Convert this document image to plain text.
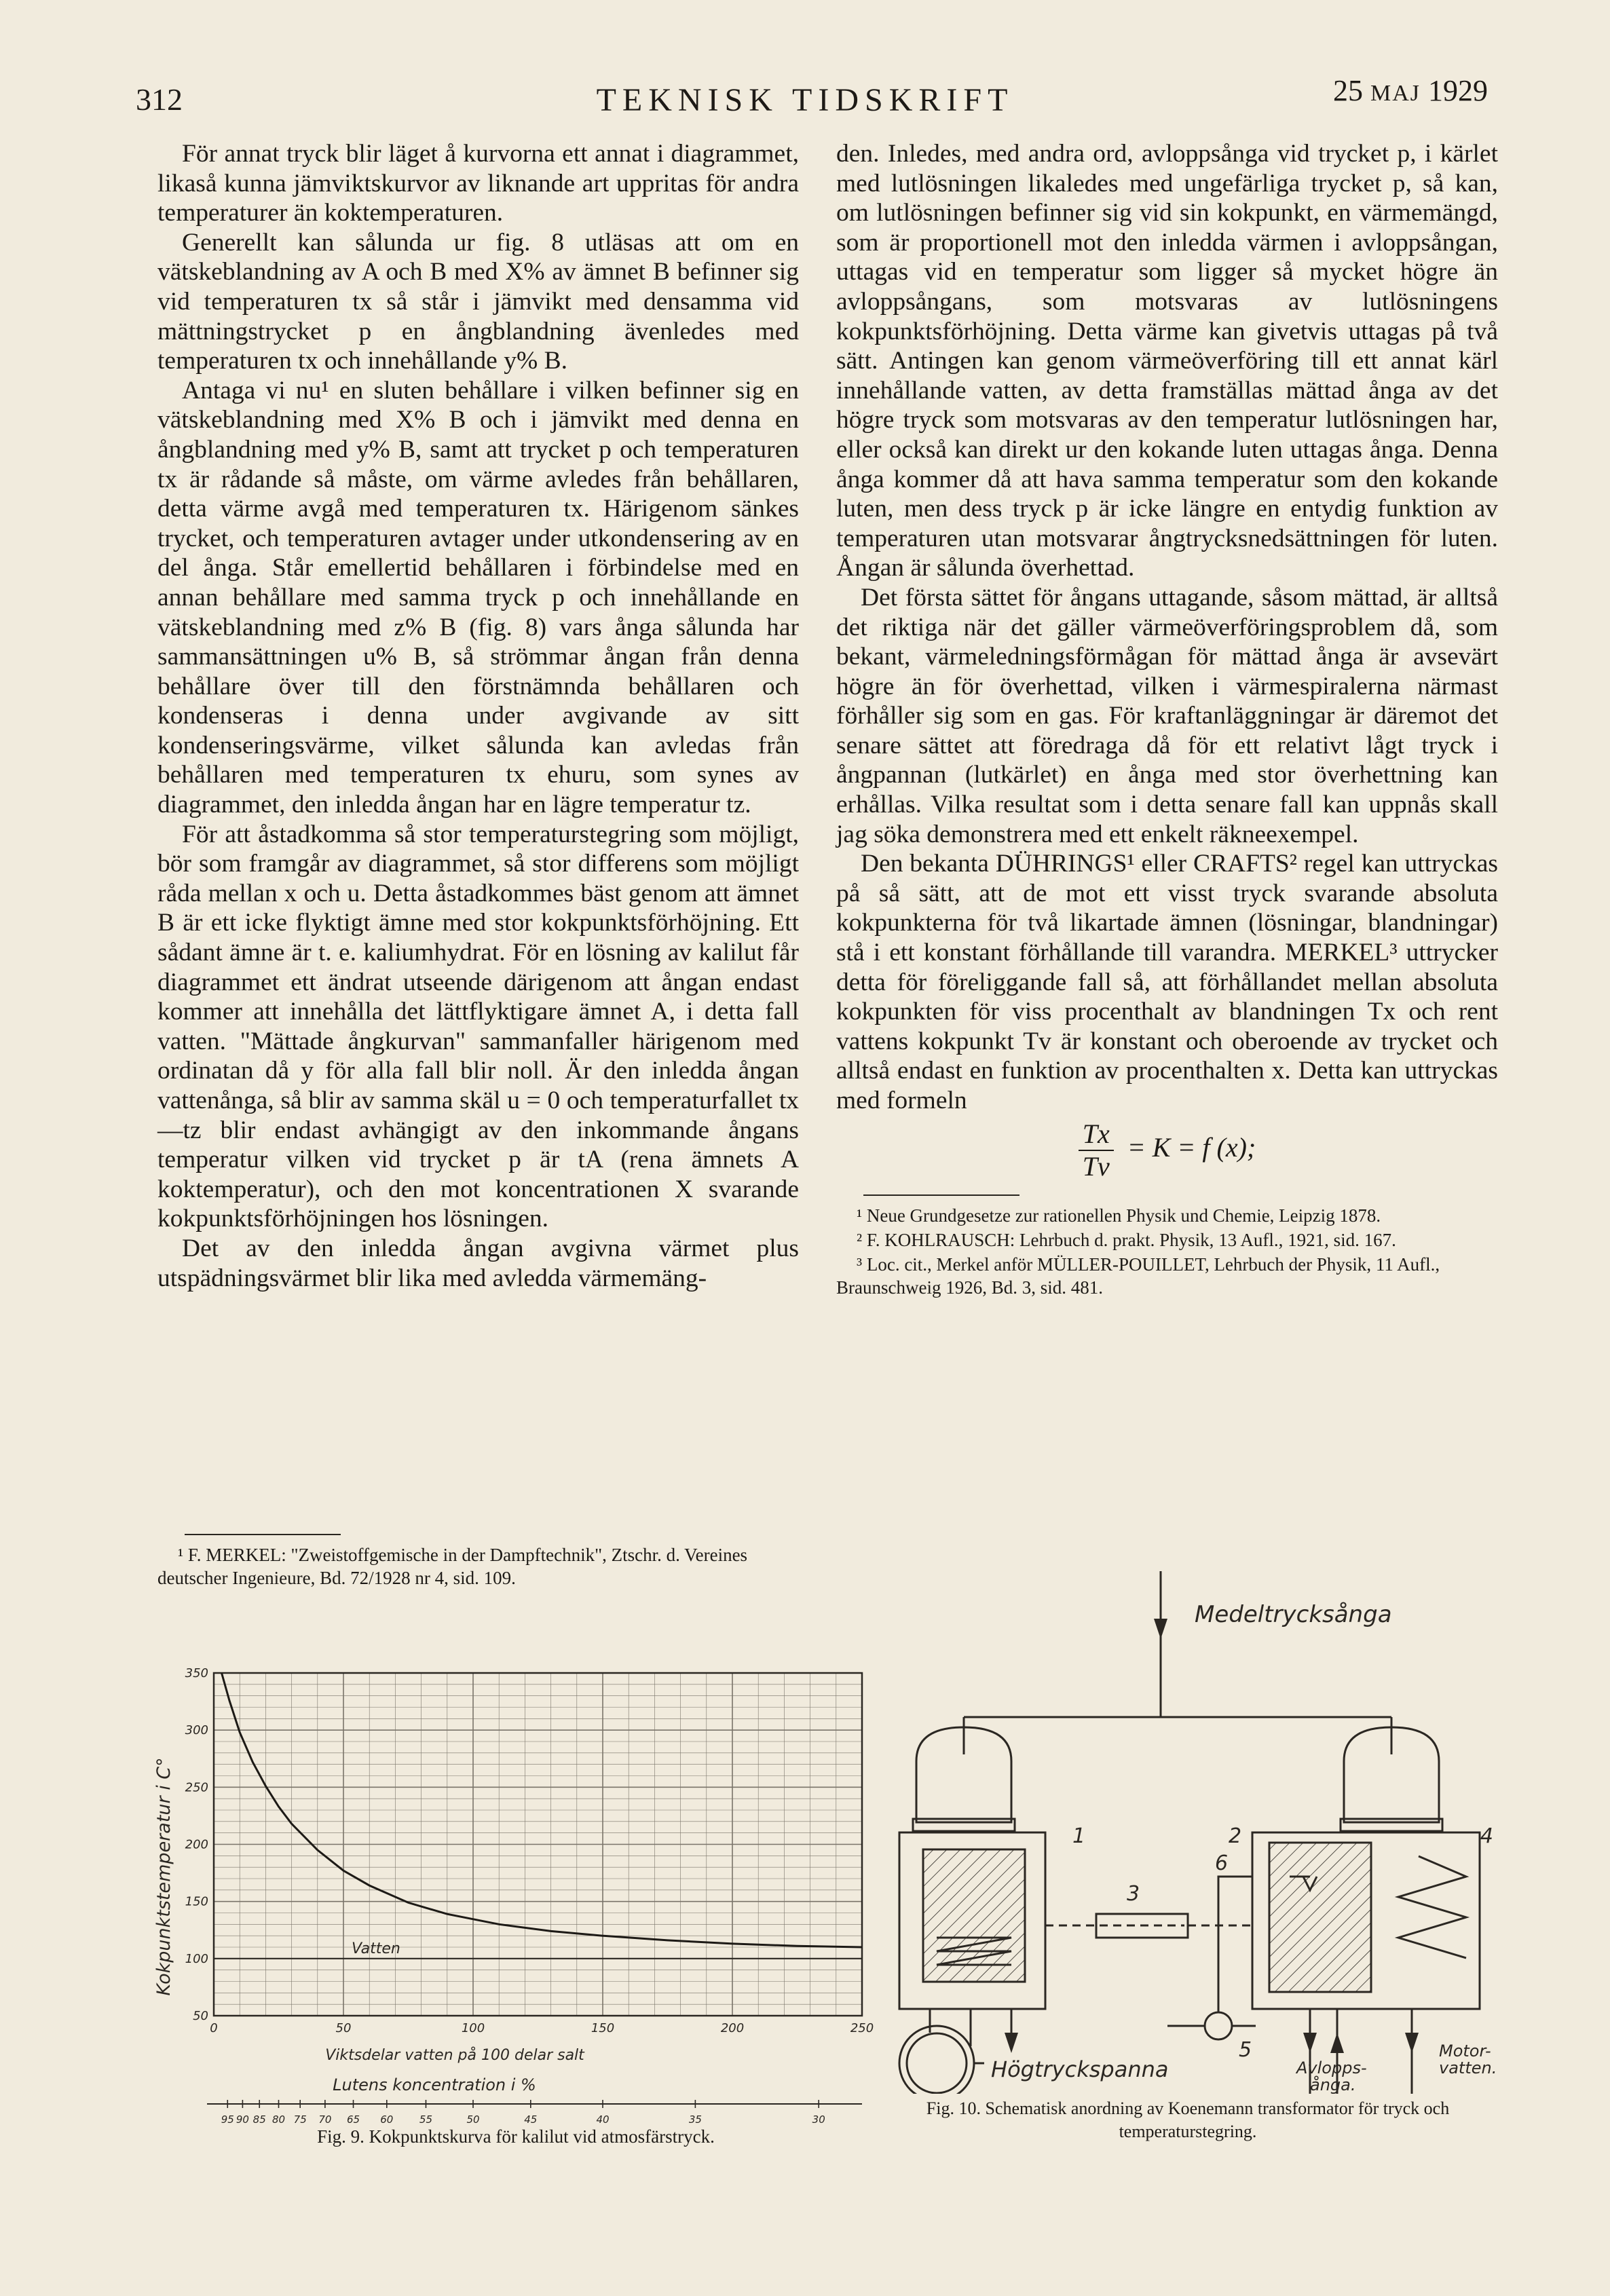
312	TEKNISK TIDSKRIFT	25 MAJ 1929

För annat tryck blir läget å kurvorna ett annat i diagrammet, likaså kunna jämviktskurvor av liknande art uppritas för andra temperaturer än koktemperaturen.

Generellt kan sålunda ur fig. 8 utläsas att om en vätskeblandning av A och B med X% av ämnet B befinner sig vid temperaturen tx så står i jämvikt med densamma vid mättningstrycket p en ångblandning ävenledes med temperaturen tx och innehållande y% B.

Antaga vi nu¹ en sluten behållare i vilken befinner sig en vätskeblandning med X% B och i jämvikt med denna en ångblandning med y% B, samt att trycket p och temperaturen tx är rådande så måste, om värme avledes från behållaren, detta värme avgå med temperaturen tx. Härigenom sänkes trycket, och temperaturen avtager under utkondensering av en del ånga. Står emellertid behållaren i förbindelse med en annan behållare med samma tryck p och innehållande en vätskeblandning med z% B (fig. 8) vars ånga sålunda har sammansättningen u% B, så strömmar ångan från denna behållare över till den förstnämnda behållaren och kondenseras i denna under avgivande av sitt kondenseringsvärme, vilket sålunda kan avledas från behållaren med temperaturen tx ehuru, som synes av diagrammet, den inledda ångan har en lägre temperatur tz.

För att åstadkomma så stor temperaturstegring som möjligt, bör som framgår av diagrammet, så stor differens som möjligt råda mellan x och u. Detta åstadkommes bäst genom att ämnet B är ett icke flyktigt ämne med stor kokpunktsförhöjning. Ett sådant ämne är t. e. kaliumhydrat. För en lösning av kalilut får diagrammet ett ändrat utseende därigenom att ångan endast kommer att innehålla det lättflyktigare ämnet A, i detta fall vatten. "Mättade ångkurvan" sammanfaller härigenom med ordinatan då y för alla fall blir noll. Är den inledda ångan vattenånga, så blir av samma skäl u = 0 och temperaturfallet tx—tz blir endast avhängigt av den inkommande ångans temperatur vilken vid trycket p är tA (rena ämnets A koktemperatur), och den mot koncentrationen X svarande kokpunktsförhöjningen hos lösningen.

Det av den inledda ångan avgivna värmet plus utspädningsvärmet blir lika med avledda värmemäng-

¹ F. MERKEL: "Zweistoffgemische in der Dampftechnik", Ztschr. d. Vereines deutscher Ingenieure, Bd. 72/1928 nr 4, sid. 109.

den. Inledes, med andra ord, avloppsånga vid trycket p, i kärlet med lutlösningen likaledes med ungefärliga trycket p, så kan, om lutlösningen befinner sig vid sin kokpunkt, en värmemängd, som är proportionell mot den inledda värmen i avloppsångan, uttagas vid en temperatur som ligger så mycket högre än avloppsångans, som motsvaras av lutlösningens kokpunktsförhöjning. Detta värme kan givetvis uttagas på två sätt. Antingen kan genom värmeöverföring till ett annat kärl innehållande vatten, av detta framställas mättad ånga av det högre tryck som motsvaras av den temperatur lutlösningen har, eller också kan direkt ur den kokande luten uttagas ånga. Denna ånga kommer då att hava samma temperatur som den kokande luten, men dess tryck p är icke längre en entydig funktion av temperaturen utan motsvarar ångtrycksnedsättningen för luten. Ångan är sålunda överhettad.

Det första sättet för ångans uttagande, såsom mättad, är alltså det riktiga när det gäller värmeöverföringsproblem då, som bekant, värmeledningsförmågan för mättad ånga är avsevärt högre än för överhettad, vilken i värmespiralerna närmast förhåller sig som en gas. För kraftanläggningar är däremot det senare sättet att föredraga då för ett relativt lågt tryck i ångpannan (lutkärlet) en ånga med stor överhettning kan erhållas. Vilka resultat som i detta senare fall kan uppnås skall jag söka demonstrera med ett enkelt räkneexempel.

Den bekanta DÜHRINGS¹ eller CRAFTS² regel kan uttryckas på så sätt, att de mot ett visst tryck svarande absoluta kokpunkterna för två likartade ämnen (lösningar, blandningar) stå i ett konstant förhållande till varandra. MERKEL³ uttrycker detta för föreliggande fall så, att förhållandet mellan absoluta kokpunkten för viss procenthalt av blandningen Tx och rent vattens kokpunkt Tv är konstant och oberoende av trycket och alltså endast en funktion av procenthalten x. Detta kan uttryckas med formeln

$\frac{Tx}{Tv} = K = f$ (x);

¹ Neue Grundgesetze zur rationellen Physik und Chemie, Leipzig 1878.

² F. KOHLRAUSCH: Lehrbuch d. prakt. Physik, 13 Aufl., 1921, sid. 167.

³ Loc. cit., Merkel anför MÜLLER-POUILLET, Lehrbuch der Physik, 11 Aufl., Braunschweig 1926, Bd. 3, sid. 481.

50
100
150
200
250
300
350
0	50	100	150	200	250
95 90 85 80 75 70 65 60	55	50	45	40	35	30
Kokpunktstemperatur i C°
Viktsdelar vatten på 100 delar salt
Lutens koncentration i %
Vatten
Fig. 9. Kokpunktskurva för kalilut vid atmosfärstryck.
Medeltrycksånga
1	2
3
4
5
6
Avlopps-
ånga.
Motor-
vatten.
Högtryckspanna
Fig. 10. Schematisk anordning av Koenemann transformator för tryck och temperaturstegring.
